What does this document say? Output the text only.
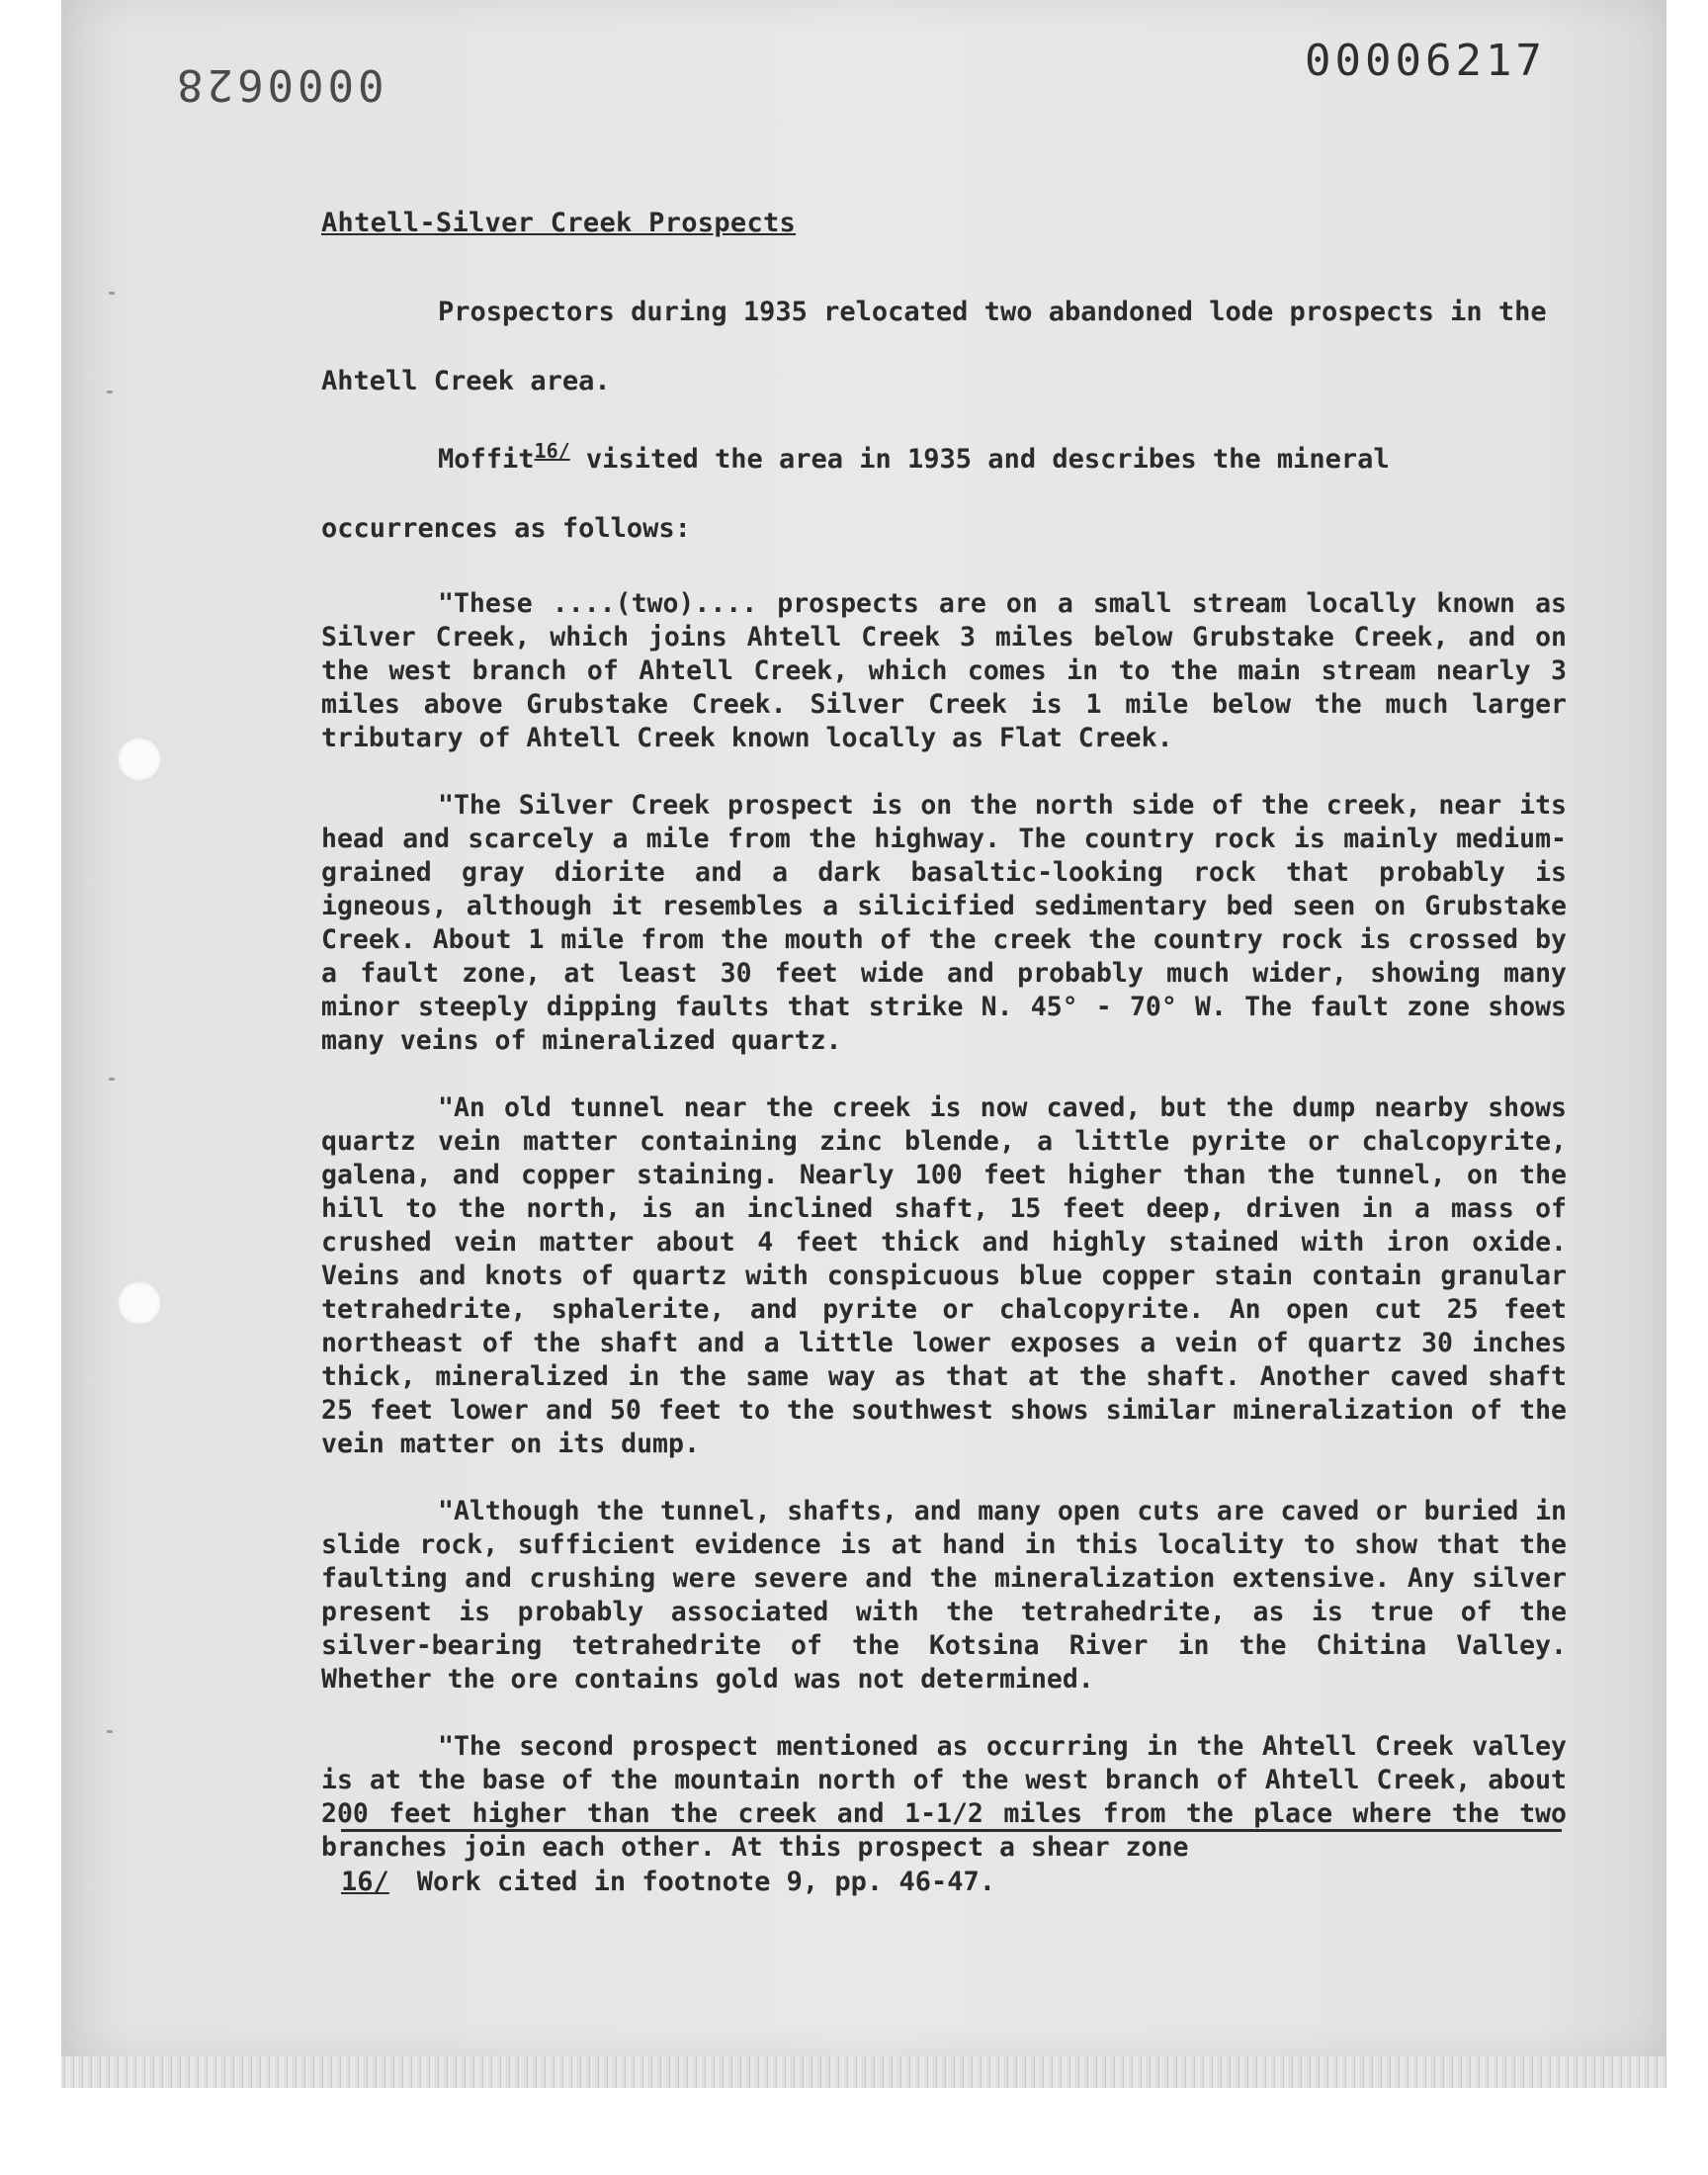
0000628	00006217
Ahtell-Silver Creek Prospects

Prospectors during 1935 relocated two abandoned lode prospects in the Ahtell Creek area.

Moffit$^{16/}$ visited the area in 1935 and describes the mineral occurrences as follows:

"These ....(two).... prospects are on a small stream locally known as Silver Creek, which joins Ahtell Creek 3 miles below Grubstake Creek, and on the west branch of Ahtell Creek, which comes in to the main stream nearly 3 miles above Grubstake Creek. Silver Creek is 1 mile below the much larger tributary of Ahtell Creek known locally as Flat Creek.

"The Silver Creek prospect is on the north side of the creek, near its head and scarcely a mile from the highway. The country rock is mainly medium-grained gray diorite and a dark basaltic-looking rock that probably is igneous, although it resembles a silicified sedimentary bed seen on Grubstake Creek. About 1 mile from the mouth of the creek the country rock is crossed by a fault zone, at least 30 feet wide and probably much wider, showing many minor steeply dipping faults that strike N. 45° - 70° W. The fault zone shows many veins of mineralized quartz.

"An old tunnel near the creek is now caved, but the dump nearby shows quartz vein matter containing zinc blende, a little pyrite or chalcopyrite, galena, and copper staining. Nearly 100 feet higher than the tunnel, on the hill to the north, is an inclined shaft, 15 feet deep, driven in a mass of crushed vein matter about 4 feet thick and highly stained with iron oxide. Veins and knots of quartz with conspicuous blue copper stain contain granular tetrahedrite, sphalerite, and pyrite or chalcopyrite. An open cut 25 feet northeast of the shaft and a little lower exposes a vein of quartz 30 inches thick, mineralized in the same way as that at the shaft. Another caved shaft 25 feet lower and 50 feet to the southwest shows similar mineralization of the vein matter on its dump.

"Although the tunnel, shafts, and many open cuts are caved or buried in slide rock, sufficient evidence is at hand in this locality to show that the faulting and crushing were severe and the mineralization extensive. Any silver present is probably associated with the tetrahedrite, as is true of the silver-bearing tetrahedrite of the Kotsina River in the Chitina Valley. Whether the ore contains gold was not determined.

"The second prospect mentioned as occurring in the Ahtell Creek valley is at the base of the mountain north of the west branch of Ahtell Creek, about 200 feet higher than the creek and 1-1/2 miles from the place where the two branches join each other. At this prospect a shear zone

16/ Work cited in footnote 9, pp. 46-47.
